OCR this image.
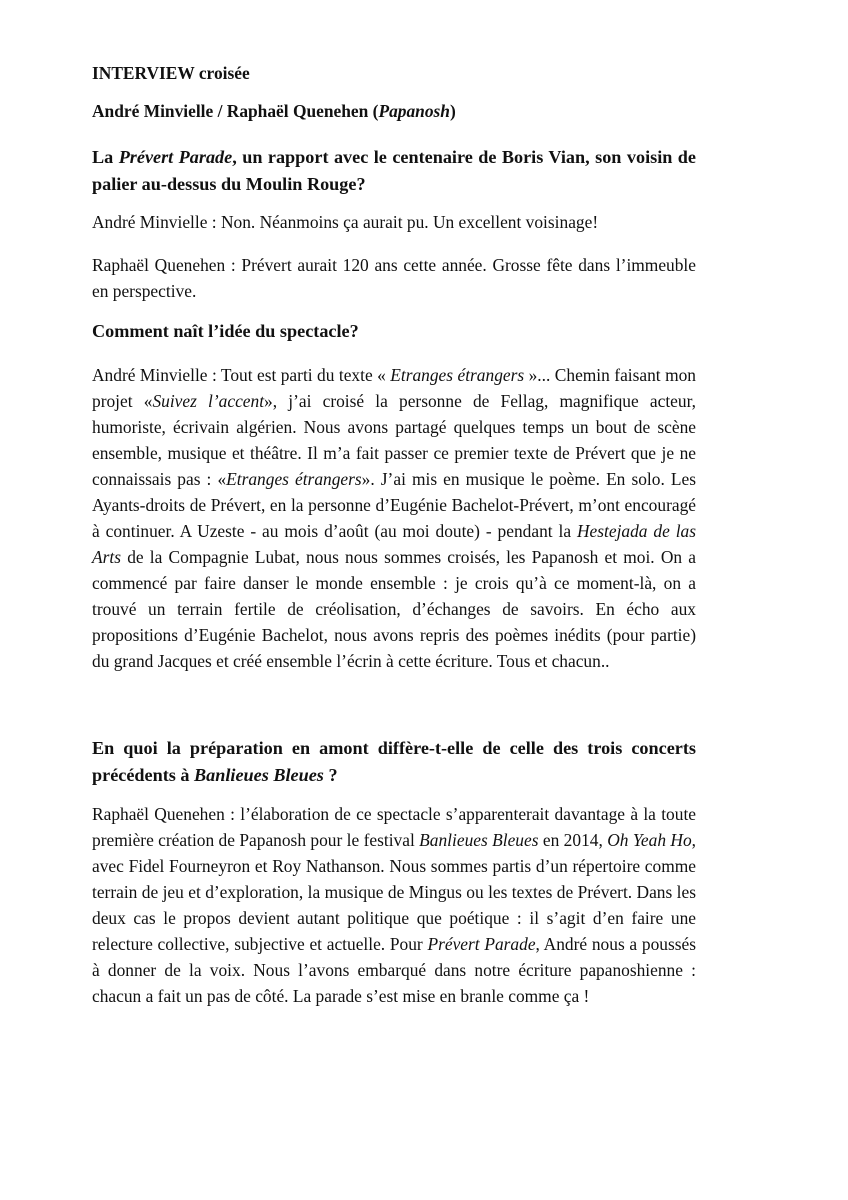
INTERVIEW croisée

André Minvielle / Raphaël Quenehen (Papanosh)

La Prévert Parade, un rapport avec le centenaire de Boris Vian, son voisin de palier au-dessus du Moulin Rouge?

André Minvielle : Non. Néanmoins ça aurait pu. Un excellent voisinage!

Raphaël Quenehen : Prévert aurait 120 ans cette année. Grosse fête dans l’immeuble en perspective.

Comment naît l’idée du spectacle?

André Minvielle : Tout est parti du texte « Etranges étrangers »... Chemin faisant mon projet «Suivez l’accent», j’ai croisé la personne de Fellag, magnifique acteur, humoriste, écrivain algérien. Nous avons partagé quelques temps un bout de scène ensemble, musique et théâtre. Il m’a fait passer ce premier texte de Prévert que je ne connaissais pas : «Etranges étrangers». J’ai mis en musique le poème. En solo. Les Ayants-droits de Prévert, en la personne d’Eugénie Bachelot-Prévert, m’ont encouragé à continuer. A Uzeste - au mois d’août (au moi doute) - pendant la Hestejada de las Arts de la Compagnie Lubat, nous nous sommes croisés, les Papanosh et moi. On a commencé par faire danser le monde ensemble : je crois qu’à ce moment-là, on a trouvé un terrain fertile de créolisation, d’échanges de savoirs. En écho aux propositions d’Eugénie Bachelot, nous avons repris des poèmes inédits (pour partie) du grand Jacques et créé ensemble l’écrin à cette écriture. Tous et chacun..

En quoi la préparation en amont diffère-t-elle de celle des trois concerts précédents à Banlieues Bleues ?

Raphaël Quenehen : l’élaboration de ce spectacle s’apparenterait davantage à la toute première création de Papanosh pour le festival Banlieues Bleues en 2014, Oh Yeah Ho, avec Fidel Fourneyron et Roy Nathanson. Nous sommes partis d’un répertoire comme terrain de jeu et d’exploration, la musique de Mingus ou les textes de Prévert. Dans les deux cas le propos devient autant politique que poétique : il s’agit d’en faire une relecture collective, subjective et actuelle. Pour Prévert Parade, André nous a poussés à donner de la voix. Nous l’avons embarqué dans notre écriture papanoshienne : chacun a fait un pas de côté. La parade s’est mise en branle comme ça !
